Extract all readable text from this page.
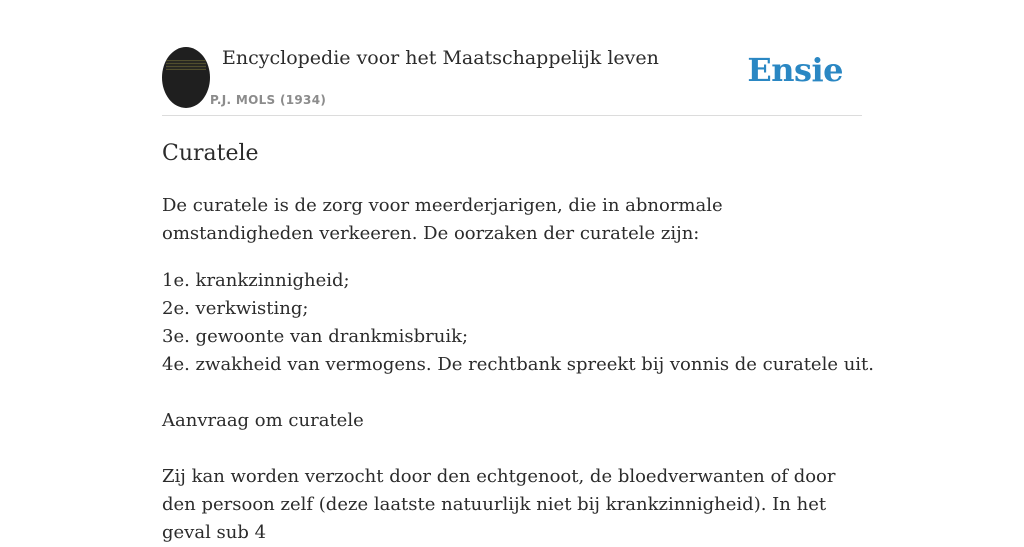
Encyclopedie voor het Maatschappelijk leven
P.J. MOLS (1934)
Ensie
Curatele

De curatele is de zorg voor meerderjarigen, die in abnormale omstandigheden verkeeren. De oorzaken der curatele zijn:

1e. krankzinnigheid;
2e. verkwisting;
3e. gewoonte van drankmisbruik;
4e. zwakheid van vermogens. De rechtbank spreekt bij vonnis de curatele uit.

Aanvraag om curatele

Zij kan worden verzocht door den echtgenoot, de bloedverwanten of door den persoon zelf (deze laatste natuurlijk niet bij krankzinnigheid). In het geval sub 4
